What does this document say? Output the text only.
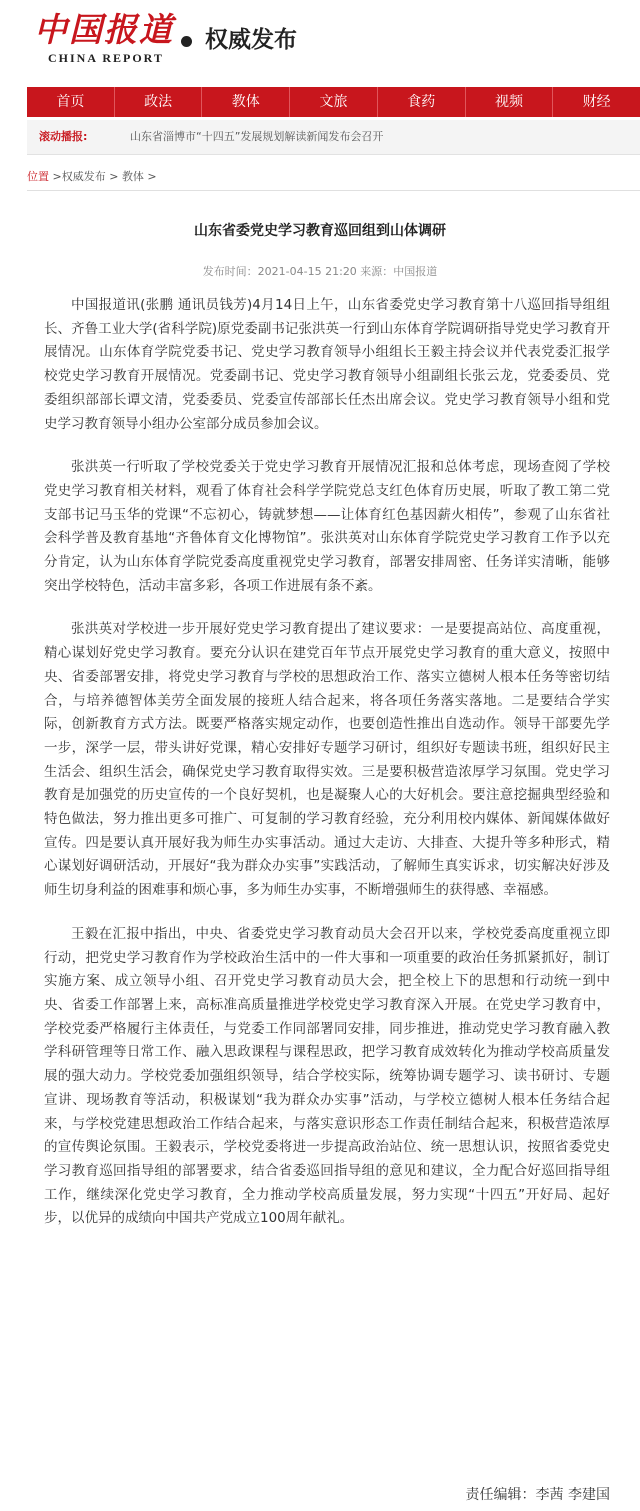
中国报道
CHINA REPORT
权威发布
首页	政法	教体	文旅	食药	视频	财经
滚动播报:	山东省淄博市“十四五”发展规划解读新闻发布会召开
位置 >权威发布 > 教体 >
山东省委党史学习教育巡回组到山体调研
发布时间：2021-04-15 21:20 来源：中国报道

中国报道讯(张鹏 通讯员钱芳)4月14日上午，山东省委党史学习教育第十八巡回指导组组长、齐鲁工业大学(省科学院)原党委副书记张洪英一行到山东体育学院调研指导党史学习教育开展情况。山东体育学院党委书记、党史学习教育领导小组组长王毅主持会议并代表党委汇报学校党史学习教育开展情况。党委副书记、党史学习教育领导小组副组长张云龙，党委委员、党委组织部部长谭文清，党委委员、党委宣传部部长任杰出席会议。党史学习教育领导小组和党史学习教育领导小组办公室部分成员参加会议。

张洪英一行听取了学校党委关于党史学习教育开展情况汇报和总体考虑，现场查阅了学校党史学习教育相关材料，观看了体育社会科学学院党总支红色体育历史展，听取了教工第二党支部书记马玉华的党课“不忘初心，铸就梦想——让体育红色基因薪火相传”，参观了山东省社会科学普及教育基地“齐鲁体育文化博物馆”。张洪英对山东体育学院党史学习教育工作予以充分肯定，认为山东体育学院党委高度重视党史学习教育，部署安排周密、任务详实清晰，能够突出学校特色，活动丰富多彩，各项工作进展有条不紊。

张洪英对学校进一步开展好党史学习教育提出了建议要求：一是要提高站位、高度重视，精心谋划好党史学习教育。要充分认识在建党百年节点开展党史学习教育的重大意义，按照中央、省委部署安排，将党史学习教育与学校的思想政治工作、落实立德树人根本任务等密切结合，与培养德智体美劳全面发展的接班人结合起来，将各项任务落实落地。二是要结合学实际，创新教育方式方法。既要严格落实规定动作，也要创造性推出自选动作。领导干部要先学一步，深学一层，带头讲好党课，精心安排好专题学习研讨，组织好专题读书班，组织好民主生活会、组织生活会，确保党史学习教育取得实效。三是要积极营造浓厚学习氛围。党史学习教育是加强党的历史宣传的一个良好契机，也是凝聚人心的大好机会。要注意挖掘典型经验和特色做法，努力推出更多可推广、可复制的学习教育经验，充分利用校内媒体、新闻媒体做好宣传。四是要认真开展好我为师生办实事活动。通过大走访、大排查、大提升等多种形式，精心谋划好调研活动，开展好“我为群众办实事”实践活动，了解师生真实诉求，切实解决好涉及师生切身利益的困难事和烦心事，多为师生办实事，不断增强师生的获得感、幸福感。

王毅在汇报中指出，中央、省委党史学习教育动员大会召开以来，学校党委高度重视立即行动，把党史学习教育作为学校政治生活中的一件大事和一项重要的政治任务抓紧抓好，制订实施方案、成立领导小组、召开党史学习教育动员大会，把全校上下的思想和行动统一到中央、省委工作部署上来，高标准高质量推进学校党史学习教育深入开展。在党史学习教育中，学校党委严格履行主体责任，与党委工作同部署同安排，同步推进，推动党史学习教育融入教学科研管理等日常工作、融入思政课程与课程思政，把学习教育成效转化为推动学校高质量发展的强大动力。学校党委加强组织领导，结合学校实际，统筹协调专题学习、读书研讨、专题宣讲、现场教育等活动，积极谋划“我为群众办实事”活动，与学校立德树人根本任务结合起来，与学校党建思想政治工作结合起来，与落实意识形态工作责任制结合起来，积极营造浓厚的宣传舆论氛围。王毅表示，学校党委将进一步提高政治站位、统一思想认识，按照省委党史学习教育巡回指导组的部署要求，结合省委巡回指导组的意见和建议，全力配合好巡回指导组工作，继续深化党史学习教育，全力推动学校高质量发展，努力实现“十四五”开好局、起好步，以优异的成绩向中国共产党成立100周年献礼。

责任编辑：李茜 李建国
